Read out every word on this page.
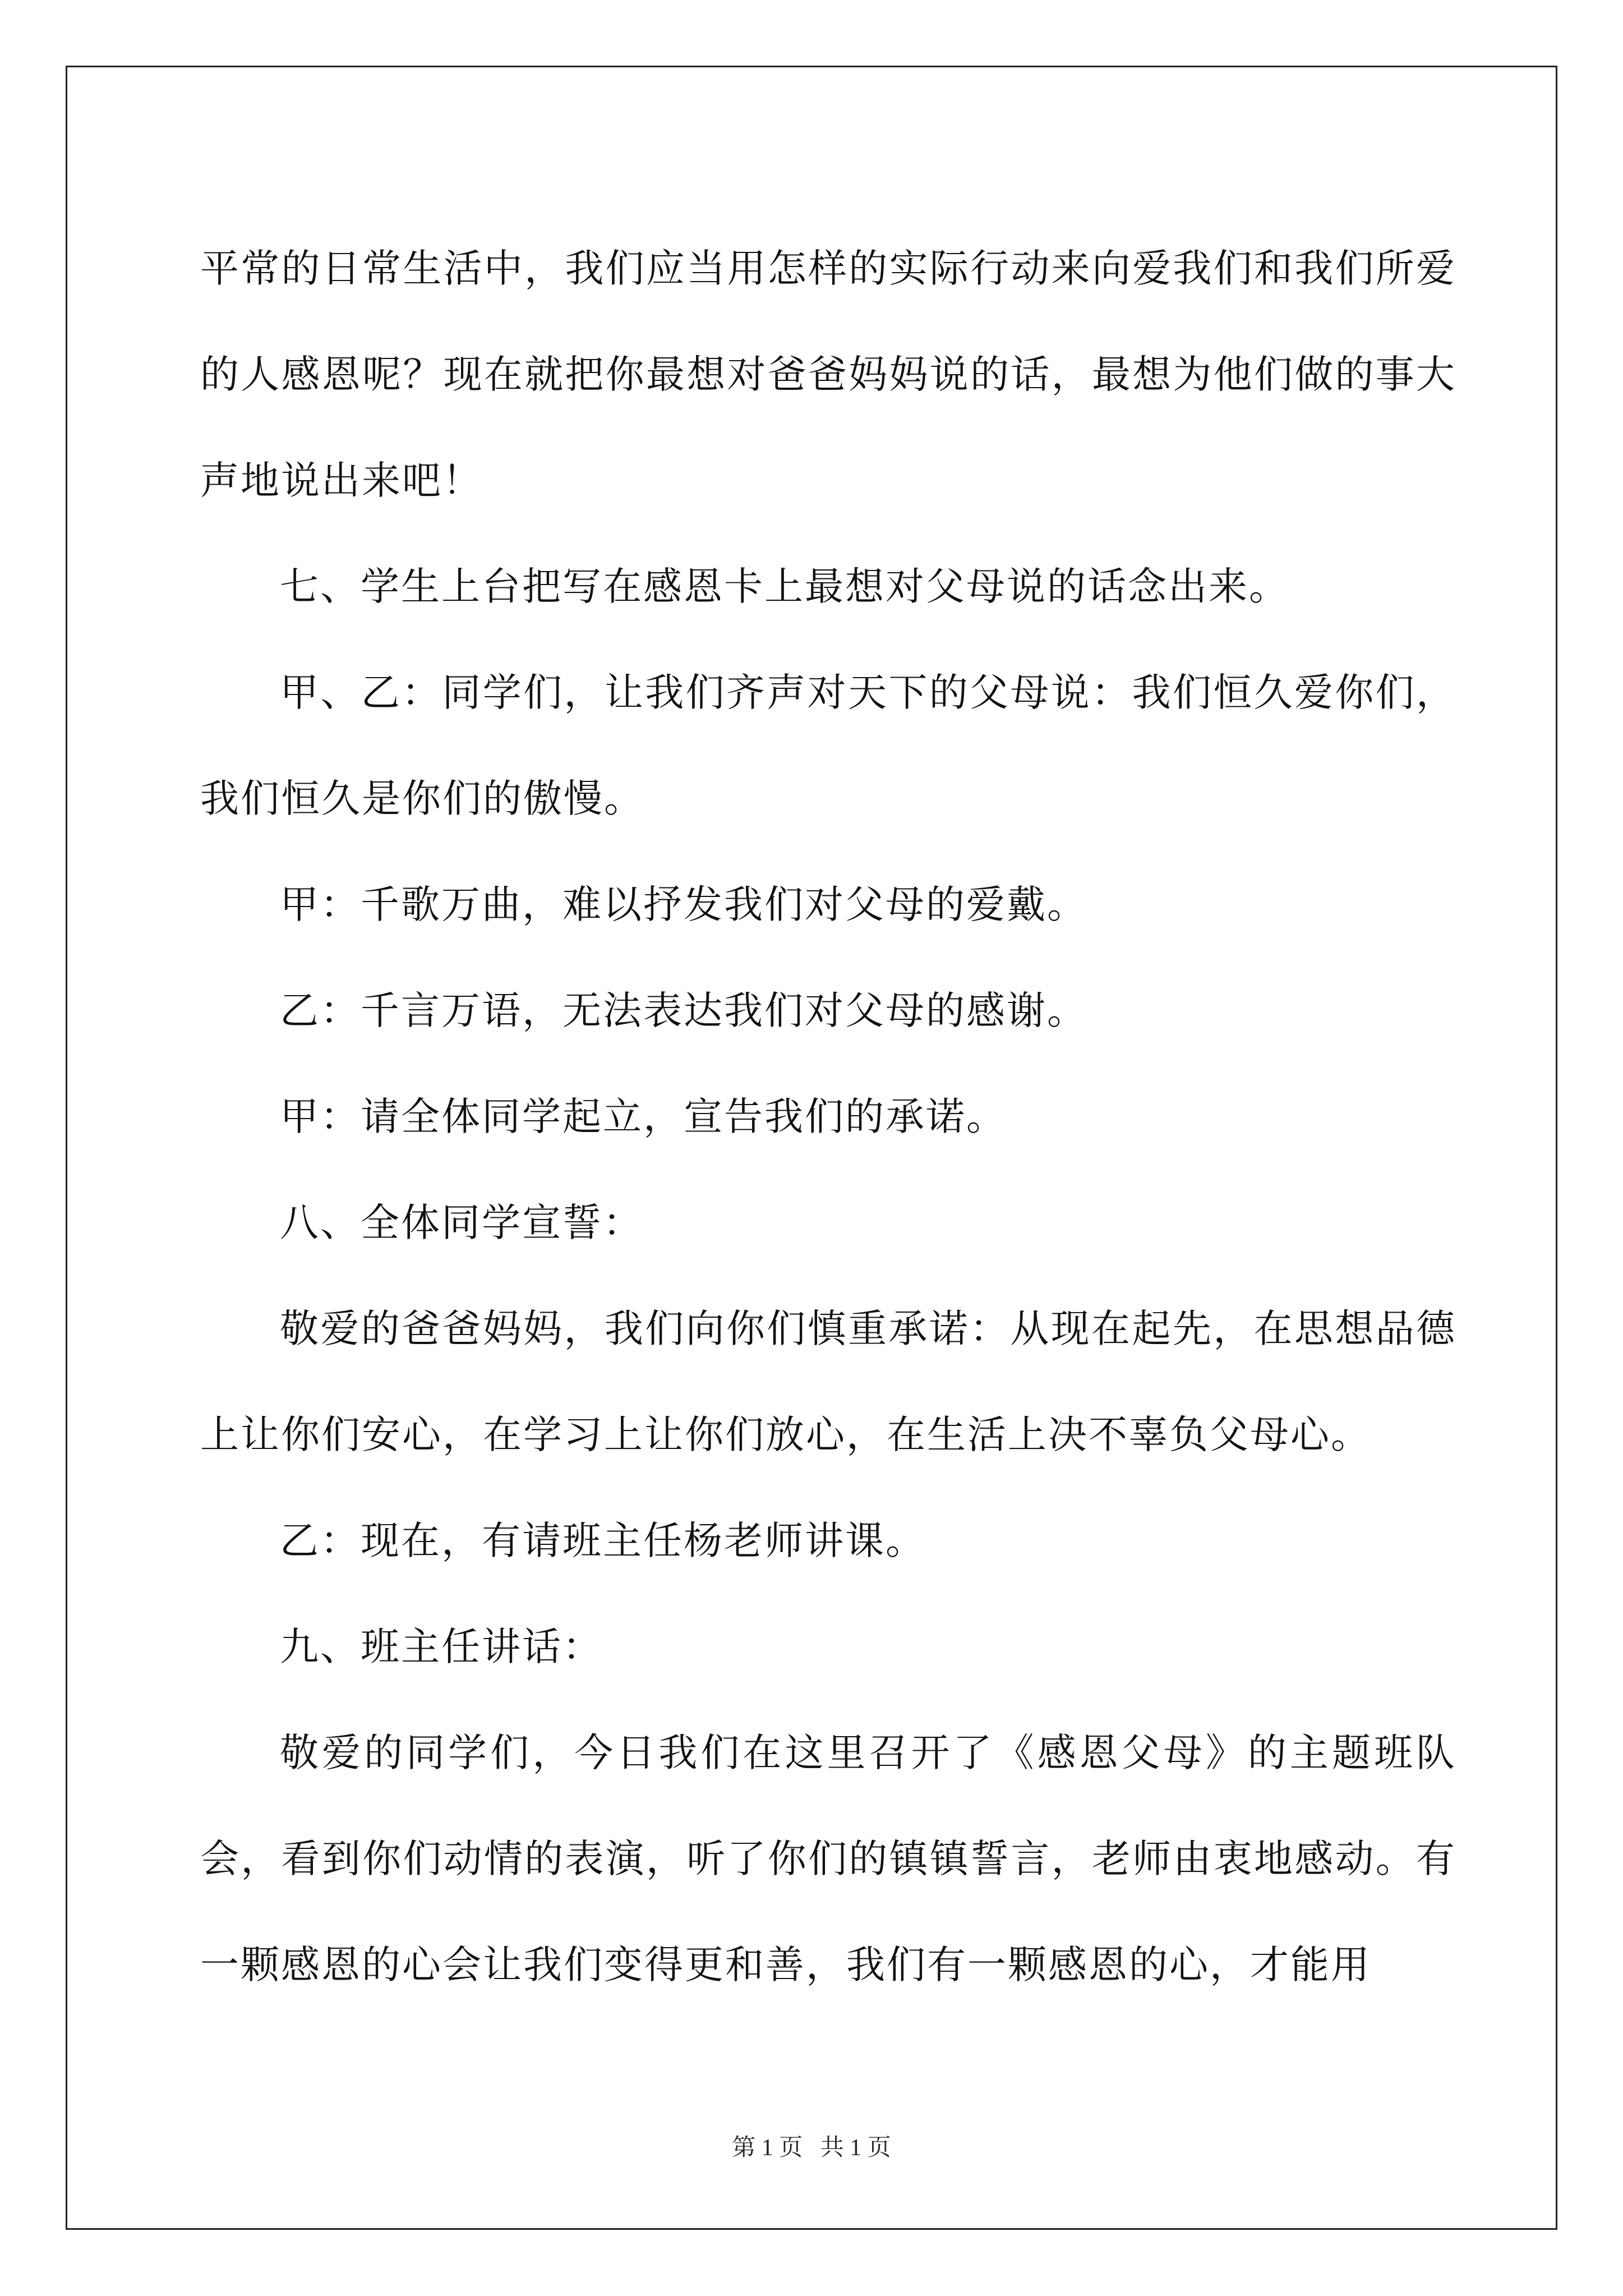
平常的日常生活中，我们应当用怎样的实际行动来向爱我们和我们所爱的人感恩呢？现在就把你最想对爸爸妈妈说的话，最想为他们做的事大声地说出来吧！

七、学生上台把写在感恩卡上最想对父母说的话念出来。

甲、乙：同学们，让我们齐声对天下的父母说：我们恒久爱你们，我们恒久是你们的傲慢。

甲：千歌万曲，难以抒发我们对父母的爱戴。

乙：千言万语，无法表达我们对父母的感谢。

甲：请全体同学起立，宣告我们的承诺。

八、全体同学宣誓：

敬爱的爸爸妈妈，我们向你们慎重承诺：从现在起先，在思想品德上让你们安心，在学习上让你们放心，在生活上决不辜负父母心。

乙：现在，有请班主任杨老师讲课。

九、班主任讲话：

敬爱的同学们，今日我们在这里召开了《感恩父母》的主题班队会，看到你们动情的表演，听了你们的镇镇誓言，老师由衷地感动。有一颗感恩的心会让我们变得更和善，我们有一颗感恩的心，才能用

第 1 页   共 1 页
